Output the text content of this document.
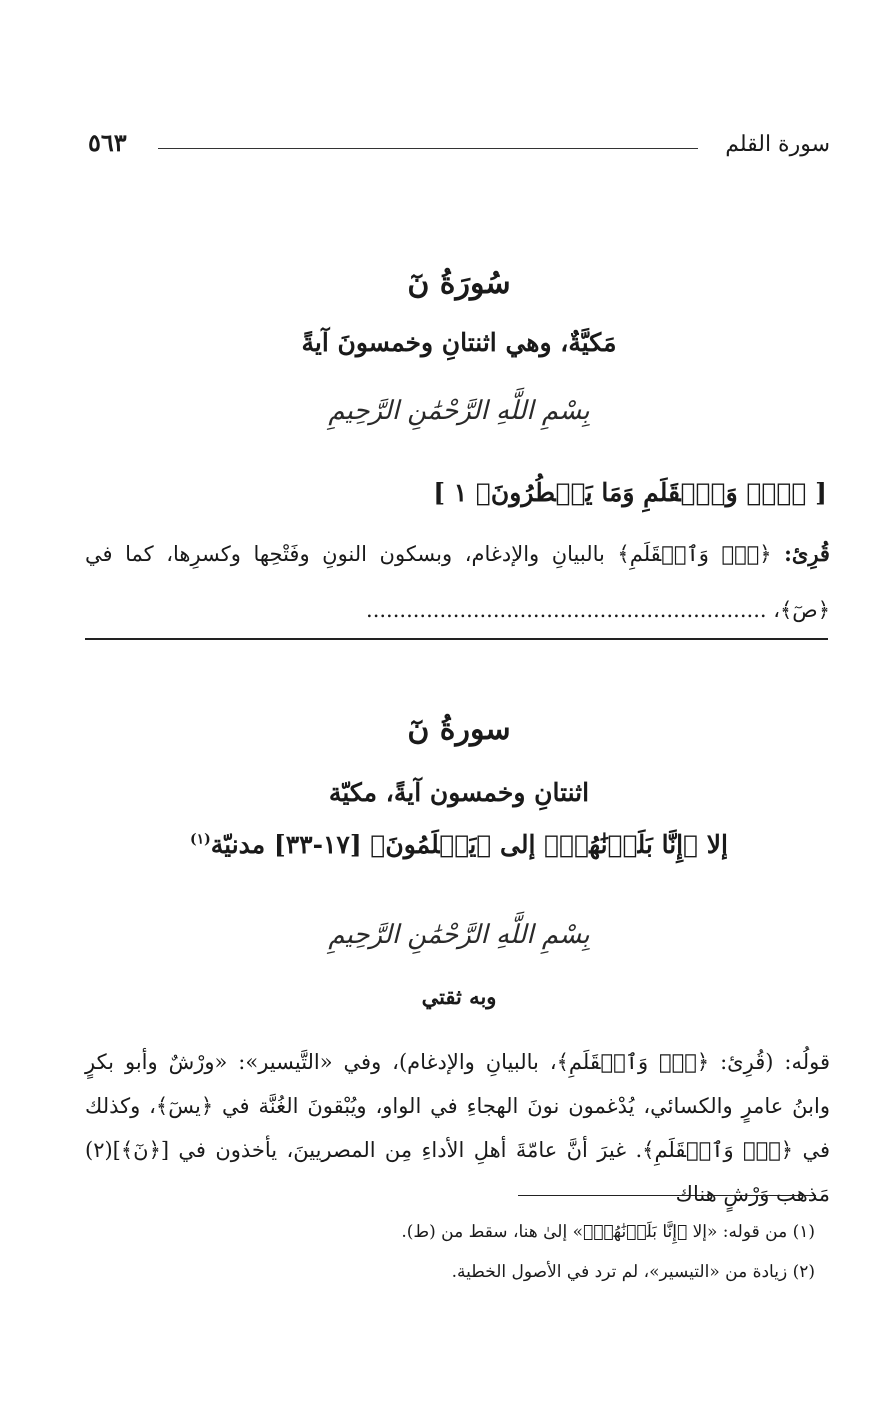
سورة القلم
٥٦٣
سُورَةُ نٓ
مَكيَّةٌ، وهي اثنتانِ وخمسونَ آيةً
بِسْمِ اللَّهِ الرَّحْمَٰنِ الرَّحِيمِ
[ ﴿نٓۚ وَٱلۡقَلَمِ وَمَا يَسۡطُرُونَ﴾ ١ ]
قُرِئ: ﴿نٓۚ وَٱلۡقَلَمِ﴾ بالبيانِ والإدغام، وبسكون النونِ وفَتْحِها وكسرِها، كما في ﴿صٓ﴾، ............................................................
سورةُ نٓ
اثنتانِ وخمسون آيةً، مكيّة
إلا ﴿إِنَّا بَلَوۡنَٰهُمۡ﴾ إلى ﴿يَعۡلَمُونَ﴾ [١٧-٣٣] مدنيّة$^{(١)}$
بِسْمِ اللَّهِ الرَّحْمَٰنِ الرَّحِيمِ
وبه ثقتي
قولُه: (قُرِئ: ﴿نٓۚ وَٱلۡقَلَمِ﴾، بالبيانِ والإدغام)، وفي «التَّيسير»: «ورْشٌ وأبو بكرٍ وابنُ عامرٍ والكسائي، يُدْغمون نونَ الهجاءِ في الواو، ويُبْقونَ الغُنَّة في ﴿يسٓ﴾، وكذلك في ﴿نٓۚ وَٱلۡقَلَمِ﴾. غيرَ أنَّ عامّةَ أهلِ الأداءِ مِن المصريينَ، يأخذون في [﴿نٓ﴾](٢) مَذهب وَرْشٍ هناك
(١) من قوله: «إلا ﴿إِنَّا بَلَوۡنَٰهُمۡ﴾» إلىٰ هنا، سقط من (ط).
(٢) زيادة من «التيسير»، لم ترد في الأصول الخطية.
